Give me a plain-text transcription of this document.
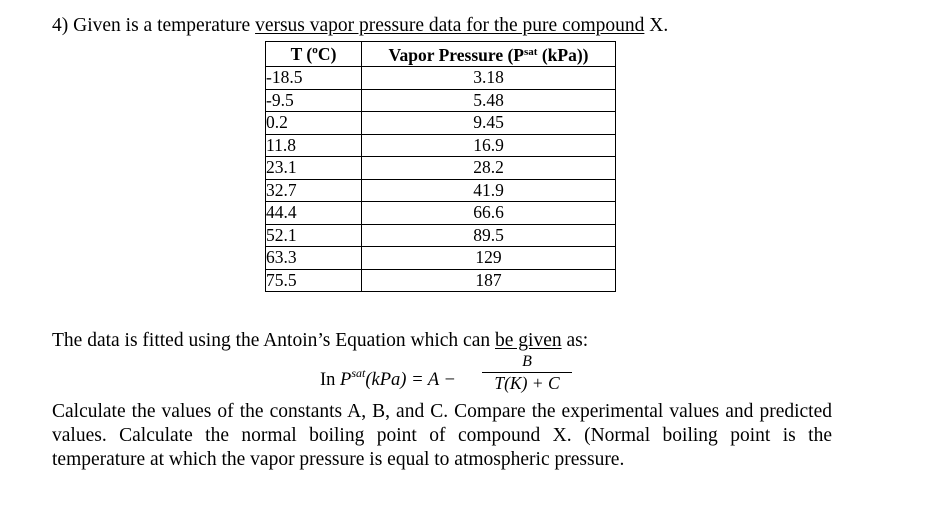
4) Given is a temperature versus vapor pressure data for the pure compound X.
T (ºC)	Vapor Pressure ($P^{sat}$ (kPa))
-18.5	3.18
-9.5	5.48
0.2	9.45
11.8	16.9
23.1	28.2
32.7	41.9
44.4	66.6
52.1	89.5
63.3	129
75.5	187
The data is fitted using the Antoin’s Equation which can be given as:
In $P^{sat}(kPa) = A$ −
B
T(K) + C
Calculate the values of the constants A, B, and C. Compare the experimental values and predicted
values. Calculate the normal boiling point of compound X. (Normal boiling point is the
temperature at which the vapor pressure is equal to atmospheric pressure.
